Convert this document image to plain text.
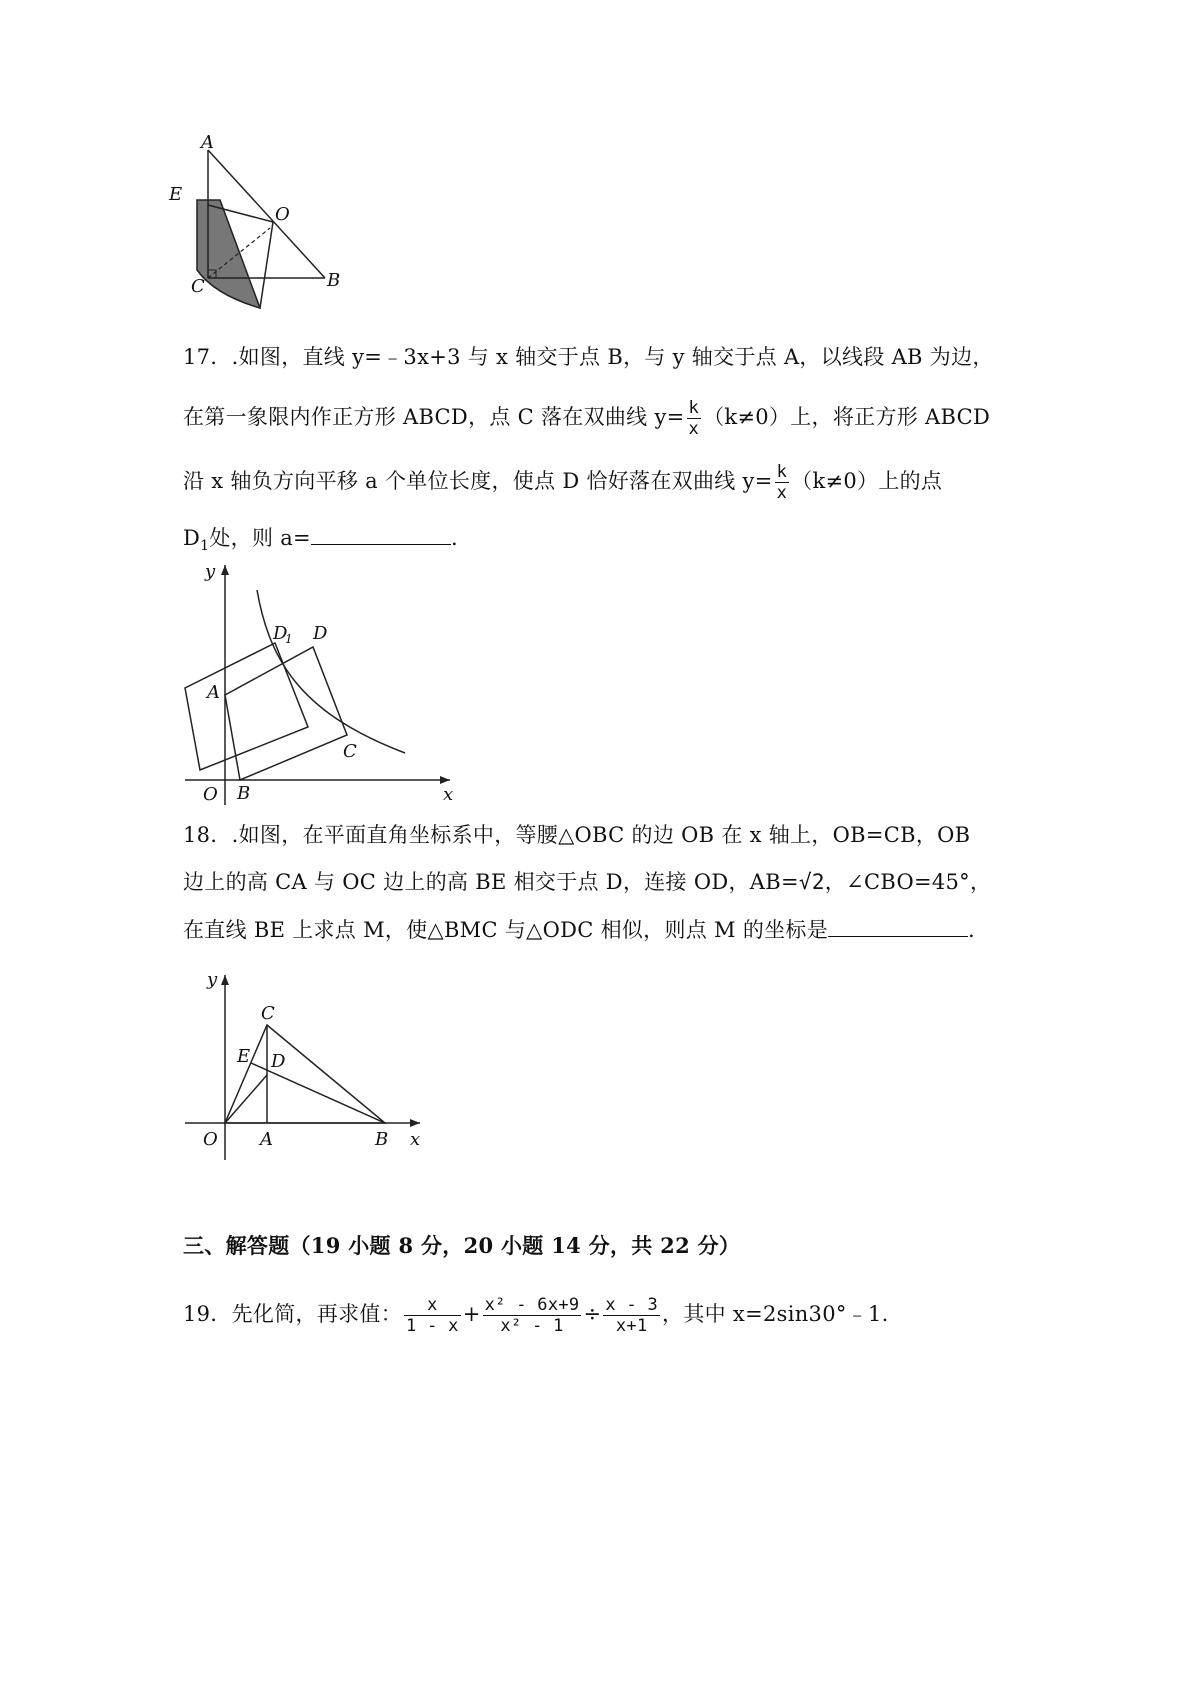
A
E
O
C	B
17．.如图，直线 y=﹣3x+3 与 x 轴交于点 B，与 y 轴交于点 A，以线段 AB 为边，
在第一象限内作正方形 ABCD，点 C 落在双曲线 $y= \frac{k}{x} (k\ne 0)$上，将正方形 ABCD
沿 x 轴负方向平移 a 个单位长度，使点 D 恰好落在双曲线 $y= \frac{k}{x} (k\ne 0)$上的点
$D_1$处，则 a=	.
y
x
O
A
B
C
D
D
1
18．.如图，在平面直角坐标系中，等腰△OBC 的边 OB 在 x 轴上，OB=CB，OB
边上的高 CA 与 OC 边上的高 BE 相交于点 D，连接 OD，AB=√2，∠CBO=45°，
在直线 BE 上求点 M，使△BMC 与△ODC 相似，则点 M 的坐标是	.
y
x
O A	B
C
D
E
三、解答题（19 小题 8 分，20 小题 14 分，共 22 分）
19．先化简，再求值： $\frac{x}{1 - x} + \frac{\text{x² - 6x+9}}{\text{x² - 1}} \div \frac{x - 3}{x+1}$ ，其中 x=2sin30°﹣1.
